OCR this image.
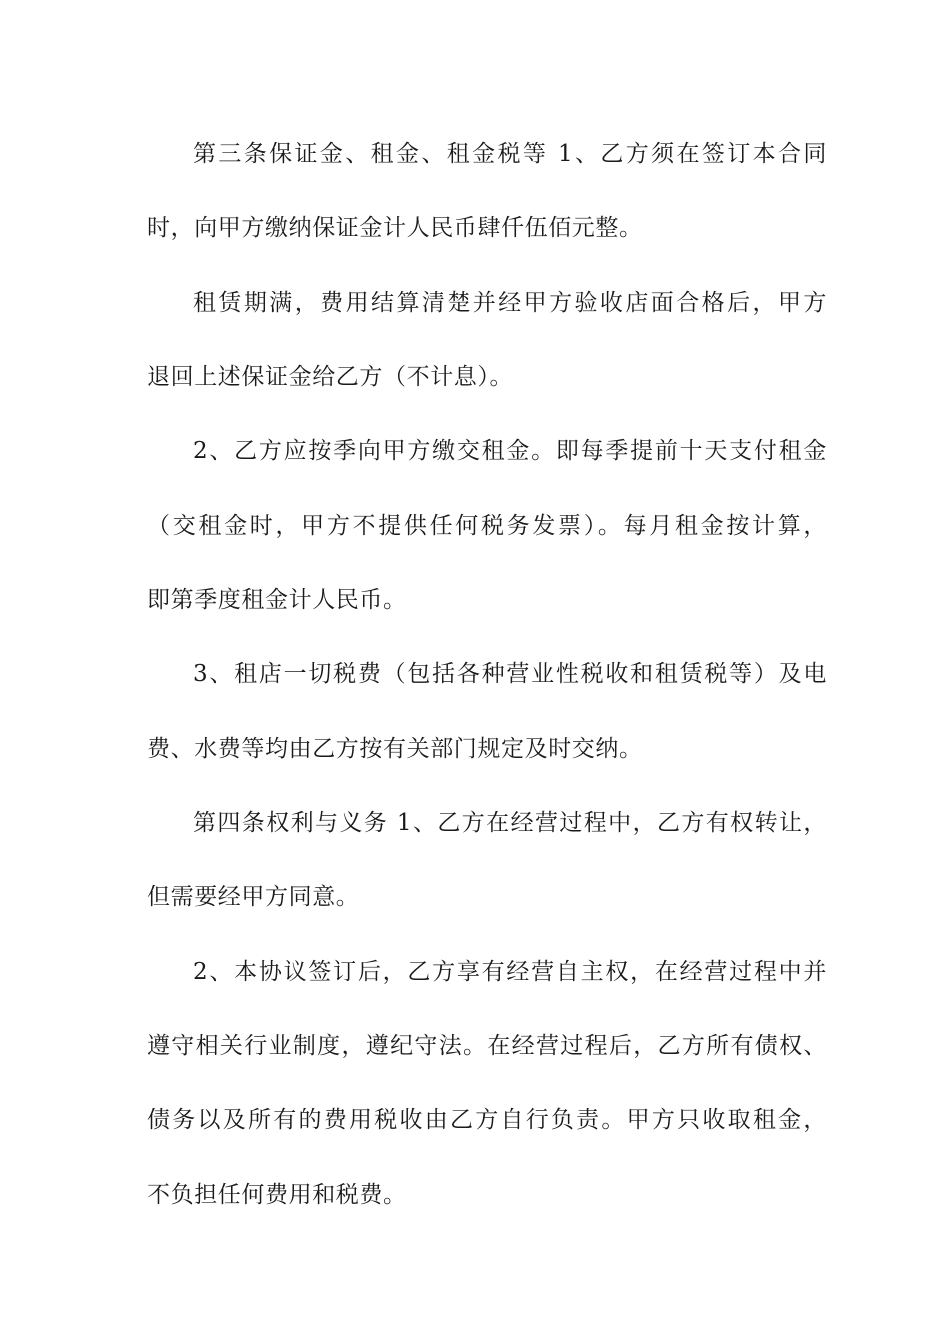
第三条保证金、租金、租金税等 1、乙方须在签订本合同
时，向甲方缴纳保证金计人民币肆仟伍佰元整。
租赁期满，费用结算清楚并经甲方验收店面合格后，甲方
退回上述保证金给乙方（不计息）。
2、乙方应按季向甲方缴交租金。即每季提前十天支付租金
（交租金时，甲方不提供任何税务发票）。每月租金按计算，
即第季度租金计人民币。
3、租店一切税费（包括各种营业性税收和租赁税等）及电
费、水费等均由乙方按有关部门规定及时交纳。
第四条权利与义务 1、乙方在经营过程中，乙方有权转让，
但需要经甲方同意。
2、本协议签订后，乙方享有经营自主权，在经营过程中并
遵守相关行业制度，遵纪守法。在经营过程后，乙方所有债权、
债务以及所有的费用税收由乙方自行负责。甲方只收取租金，
不负担任何费用和税费。
